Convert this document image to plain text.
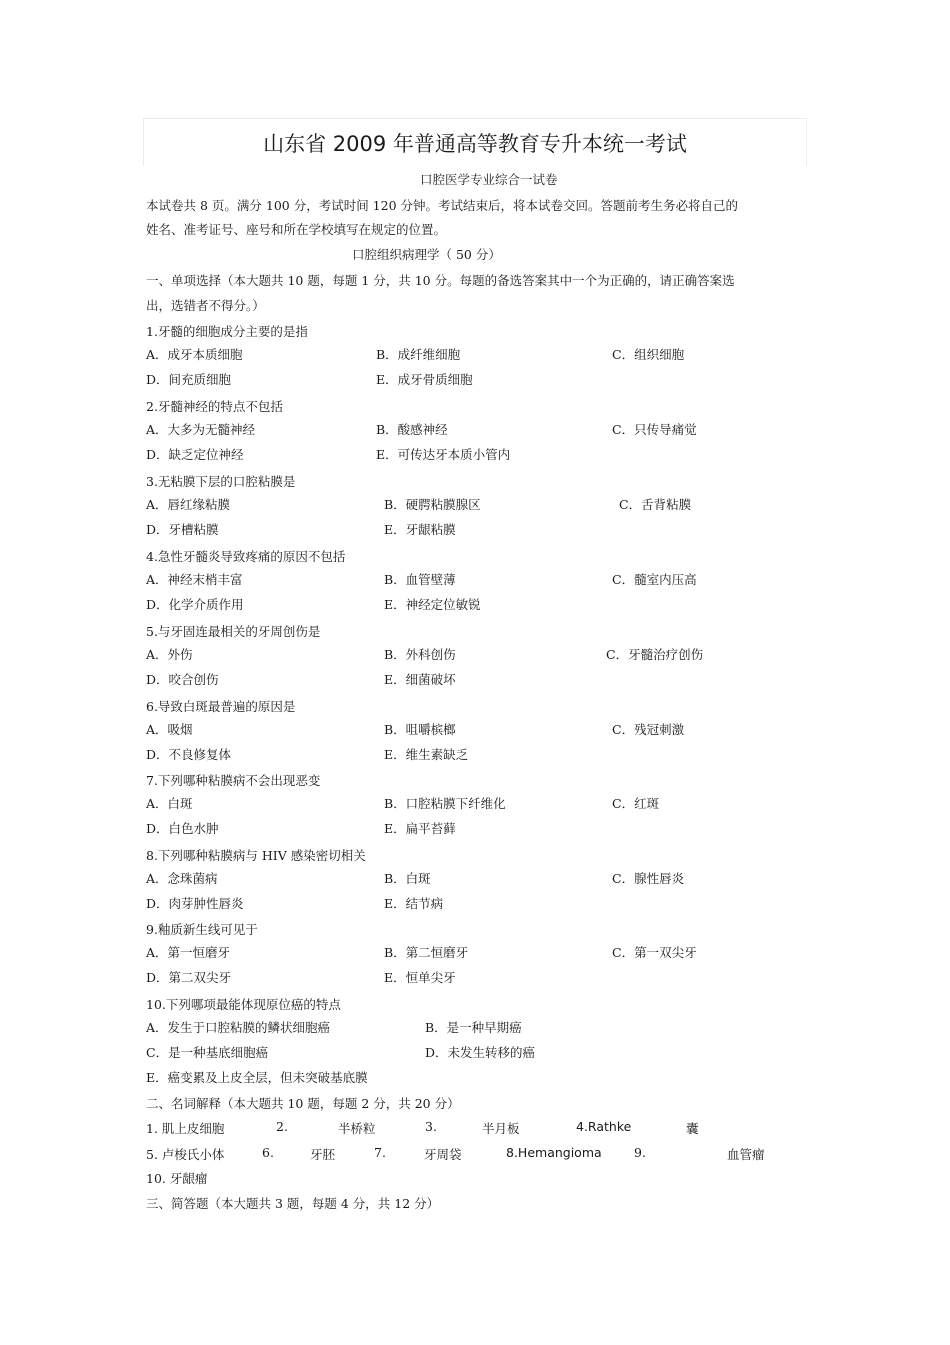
山东省 2009 年普通高等教育专升本统一考试
口腔医学专业综合一试卷
本试卷共 8 页。满分 100 分，考试时间 120 分钟。考试结束后，将本试卷交回。答题前考生务必将自己的
姓名、准考证号、座号和所在学校填写在规定的位置。
口腔组织病理学（ 50 分）
一、单项选择（本大题共 10 题，每题 1 分，共 10 分。每题的备选答案其中一个为正确的，请正确答案选
出，选错者不得分。）
1.牙髓的细胞成分主要的是指
A．成牙本质细胞	B．成纤维细胞	C．组织细胞
D．间充质细胞	E．成牙骨质细胞
2.牙髓神经的特点不包括
A．大多为无髓神经	B．酸感神经	C．只传导痛觉
D．缺乏定位神经	E．可传达牙本质小管内
3.无粘膜下层的口腔粘膜是
A．唇红缘粘膜	B．硬腭粘膜腺区	C．舌背粘膜
D．牙槽粘膜	E．牙龈粘膜
4.急性牙髓炎导致疼痛的原因不包括
A．神经末梢丰富	B．血管壁薄	C．髓室内压高
D．化学介质作用	E．神经定位敏锐
5.与牙固连最相关的牙周创伤是
A．外伤	B．外科创伤	C．牙髓治疗创伤
D．咬合创伤	E．细菌破坏
6.导致白斑最普遍的原因是
A．吸烟	B．咀嚼槟榔	C．残冠刺激
D．不良修复体	E．维生素缺乏
7.下列哪种粘膜病不会出现恶变
A．白斑	B．口腔粘膜下纤维化	C．红斑
D．白色水肿	E．扁平苔藓
8.下列哪种粘膜病与 HIV 感染密切相关
A．念珠菌病	B．白斑	C．腺性唇炎
D．肉芽肿性唇炎	E．结节病
9.釉质新生线可见于
A．第一恒磨牙	B．第二恒磨牙	C．第一双尖牙
D．第二双尖牙	E．恒单尖牙
10.下列哪项最能体现原位癌的特点
A．发生于口腔粘膜的鳞状细胞癌	B．是一种早期癌
C．是一种基底细胞癌	D．未发生转移的癌
E．癌变累及上皮全层，但未突破基底膜
二、名词解释（本大题共 10 题，每题 2 分，共 20 分）
1. 肌上皮细胞	2.	半桥粒	3.	半月板	4.Rathke	囊
5. 卢梭氏小体	6.	牙胚	7.	牙周袋	8.Hemangioma	9.	血管瘤
10. 牙龈瘤
三、简答题（本大题共 3 题，每题 4 分，共 12 分）
